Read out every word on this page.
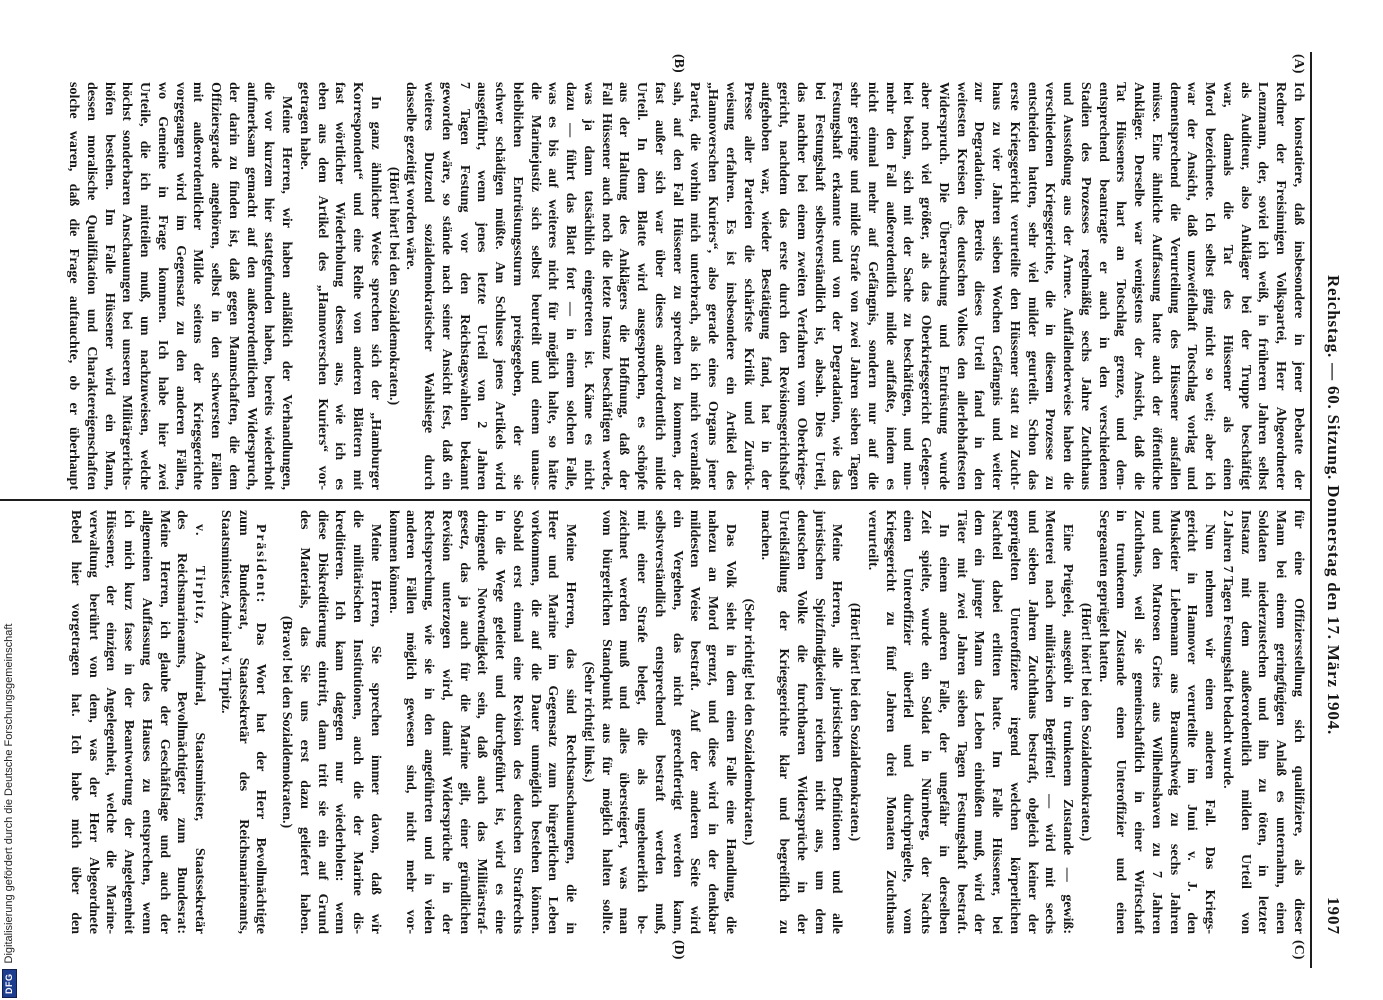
Reichstag. — 60. Sitzung. Donnerstag den 17. März 1904.
1907
(A)
(B)
(C)
(D)
Ich konstatiere, daß insbesondere in jener Debatte der
Redner der Freisinnigen Volkspartei, Herr Abgeordneter
Lenzmann, der, soviel ich weiß, in früheren Jahren selbst
als Auditeur, also Ankläger bei der Truppe beschäftigt
war, damals die Tat des Hüssener als einen
Mord bezeichnete. Ich selbst ging nicht so weit; aber ich
war der Ansicht, daß unzweifelhaft Totschlag vorlag und
dementsprechend die Verurteilung des Hüssener ausfallen
müsse. Eine ähnliche Auffassung hatte auch der öffentliche
Ankläger. Derselbe war wenigstens der Ansicht, daß die
Tat Hüsseners hart an Totschlag grenze, und dem-
entsprechend beantragte er auch in den verschiedenen
Stadien des Prozesses regelmäßig sechs Jahre Zuchthaus
und Ausstoßung aus der Armee. Auffallenderweise haben die
verschiedenen Kriegsgerichte, die in diesem Prozesse zu
entscheiden hatten, sehr viel milder geurteilt. Schon das
erste Kriegsgericht verurteilte den Hüssener statt zu Zucht-
haus zu vier Jahren sieben Wochen Gefängnis und weiter
zur Degradation. Bereits dieses Urteil fand in den
weitesten Kreisen des deutschen Volkes den allerlebhaftesten
Widerspruch. Die Überraschung und Entrüstung wurde
aber noch viel größer, als das Oberkriegsgericht Gelegen-
heit bekam, sich mit der Sache zu beschäftigen, und nun-
mehr den Fall außerordentlich milde auffaßte, indem es
nicht einmal mehr auf Gefängnis, sondern nur auf die
sehr geringe und milde Strafe von zwei Jahren sieben Tagen
Festungshaft erkannte und von der Degradation, wie das
bei Festungshaft selbstverständlich ist, absah. Dies Urteil,
das nachher bei einem zweiten Verfahren vom Oberkriegs-
gericht, nachdem das erste durch den Revisionsgerichtshof
aufgehoben war, wieder Bestätigung fand, hat in der
Presse aller Parteien die schärfste Kritik und Zurück-
weisung erfahren. Es ist insbesondere ein Artikel des
„Hannoverschen Kuriers“, also gerade eines Organs jener
Partei, die vorhin mich unterbrach, als ich mich veranlaßt
sah, auf den Fall Hüssener zu sprechen zu kommen, der
fast außer sich war über dieses außerordentlich milde
Urteil. In dem Blatte wird ausgesprochen, es schöpfe
aus der Haltung des Anklägers die Hoffnung, daß der
Fall Hüssener auch noch die letzte Instanz beschäftigen werde,
was ja dann tatsächlich eingetreten ist. Käme es nicht
dazu — führt das Blatt fort — in einem solchen Falle,
was es bis auf weiteres nicht für möglich halte, so hätte
die Marinejustiz sich selbst beurteilt und einem unaus-
bleiblichen Entrüstungssturm preisgegeben, der sie
schwer schädigen müßte. Am Schlusse jenes Artikels wird
ausgeführt, wenn jenes letzte Urteil von 2 Jahren
7 Tagen Festung vor den Reichstagswahlen bekannt
geworden wäre, so stände nach seiner Ansicht fest, daß ein
weiteres Dutzend sozialdemokratischer Wahlsiege durch
dasselbe gezeitigt worden wäre.
(Hört! hört! bei den Sozialdemokraten.)
In ganz ähnlicher Weise sprechen sich der „Hamburger
Korrespondent“ und eine Reihe von anderen Blättern mit
fast wörtlicher Wiederholung dessen aus, wie ich es
eben aus dem Artikel des „Hannoverschen Kuriers“ vor-
getragen habe.
Meine Herren, wir haben anläßlich der Verhandlungen,
die vor kurzem hier stattgefunden haben, bereits wiederholt
aufmerksam gemacht auf den außerordentlichen Widerspruch,
der darin zu finden ist, daß gegen Mannschaften, die dem
Offiziersgrade angehören, selbst in den schwersten Fällen
mit außerordentlicher Milde seitens der Kriegsgerichte
vorgegangen wird im Gegensatz zu den anderen Fällen,
wo Gemeine in Frage kommen. Ich habe hier zwei
Urteile, die ich mitteilen muß, um nachzuweisen, welche
höchst sonderbaren Anschauungen bei unseren Militärgerichts-
höfen bestehen. Im Falle Hüssener wird ein Mann,
dessen moralische Qualifikation und Charaktereigenschaften
solche waren, daß die Frage auftauchte, ob er überhaupt
für eine Offiziersstellung sich qualifiziere, als dieser
Mann bei einem geringfügigen Anlaß es unternahm, einen
Soldaten niederzustechen und ihn zu töten, in letzter
Instanz mit dem außerordentlich milden Urteil von
2 Jahren 7 Tagen Festungshaft bedacht wurde.
Nun nehmen wir einen anderen Fall. Das Kriegs-
gericht in Hannover verurteilte im Juni v. J. den
Musketier Liebemann aus Braunschweig zu sechs Jahren
und den Matrosen Gries aus Wilhelmshaven zu 7 Jahren
Zuchthaus, weil sie gemeinschaftlich in einer Wirtschaft
in trunkenem Zustande einen Unteroffizier und einen
Sergeanten geprügelt hatten.
(Hört! hört! bei den Sozialdemokraten.)
Eine Prügelei, ausgeübt in trunkenem Zustande — gewiß:
Meuterei nach militärischen Begriffen! — wird mit sechs
und sieben Jahren Zuchthaus bestraft, obgleich keiner der
geprügelten Unteroffiziere irgend welchen körperlichen
Nachteil dabei erlitten hatte. Im Falle Hüssener, bei
dem ein junger Mann das Leben einbüßen muß, wird der
Täter mit zwei Jahren sieben Tagen Festungshaft bestraft.
In einem anderen Falle, der ungefähr in derselben
Zeit spielte, wurde ein Soldat in Nürnberg, der Nachts
einen Unteroffizier überfiel und durchprügelte, vom
Kriegsgericht zu fünf Jahren drei Monaten Zuchthaus
verurteilt.
(Hört! hört! bei den Sozialdemokraten.)
Meine Herren, alle juristischen Definitionen und alle
juristischen Spitzfindigkeiten reichen nicht aus, um dem
deutschen Volke die furchtbaren Widersprüche in der
Urteilsfällung der Kriegsgerichte klar und begreiflich zu
machen.
(Sehr richtig! bei den Sozialdemokraten.)
Das Volk sieht in dem einen Falle eine Handlung, die
nahezu an Mord grenzt, und diese wird in der denkbar
mildesten Weise bestraft. Auf der anderen Seite wird
ein Vergehen, das nicht gerechtfertigt werden kann,
selbstverständlich entsprechend bestraft werden muß,
mit einer Strafe belegt, die als ungeheuerlich be-
zeichnet werden muß und alles übersteigert, was man
vom bürgerlichen Standpunkt aus für möglich halten sollte.
(Sehr richtig! links.)
Meine Herren, das sind Rechtsanschauungen, die in
Heer und Marine im Gegensatz zum bürgerlichen Leben
vorkommen, die auf die Dauer unmöglich bestehen können.
Sobald erst einmal eine Revision des deutschen Strafrechts
in die Wege geleitet und durchgeführt ist, wird es eine
dringende Notwendigkeit sein, daß auch das Militärstraf-
gesetz, das ja auch für die Marine gilt, einer gründlichen
Revision unterzogen wird, damit Widersprüche in der
Rechtsprechung, wie sie in den angeführten und in vielen
anderen Fällen möglich gewesen sind, nicht mehr vor-
kommen können.
Meine Herren, Sie sprechen immer davon, daß wir
die militärischen Institutionen, auch die der Marine dis-
kreditieren. Ich kann dagegen nur wiederholen: wenn
diese Diskreditierung eintritt, dann tritt sie ein auf Grund
des Materials, das Sie uns erst dazu geliefert haben.
(Bravo! bei den Sozialdemokraten.)
Präsident: Das Wort hat der Herr Bevollmächtigte
zum Bundesrat, Staatssekretär des Reichsmarineamts,
Staatsminister, Admiral v. Tirpitz.
v. Tirpitz, Admiral, Staatsminister, Staatssekretär
des Reichsmarineamts, Bevollmächtigter zum Bundesrat:
Meine Herren, ich glaube der Geschäftslage und auch der
allgemeinen Auffassung des Hauses zu entsprechen, wenn
ich mich kurz fasse in der Beantwortung der Angelegenheit
Hüssener, der einzigen Angelegenheit, welche die Marine-
verwaltung berührt von dem, was der Herr Abgeordnete
Bebel hier vorgetragen hat. Ich habe mich über den
DFG
Digitalisierung gefördert durch die Deutsche Forschungsgemeinschaft
